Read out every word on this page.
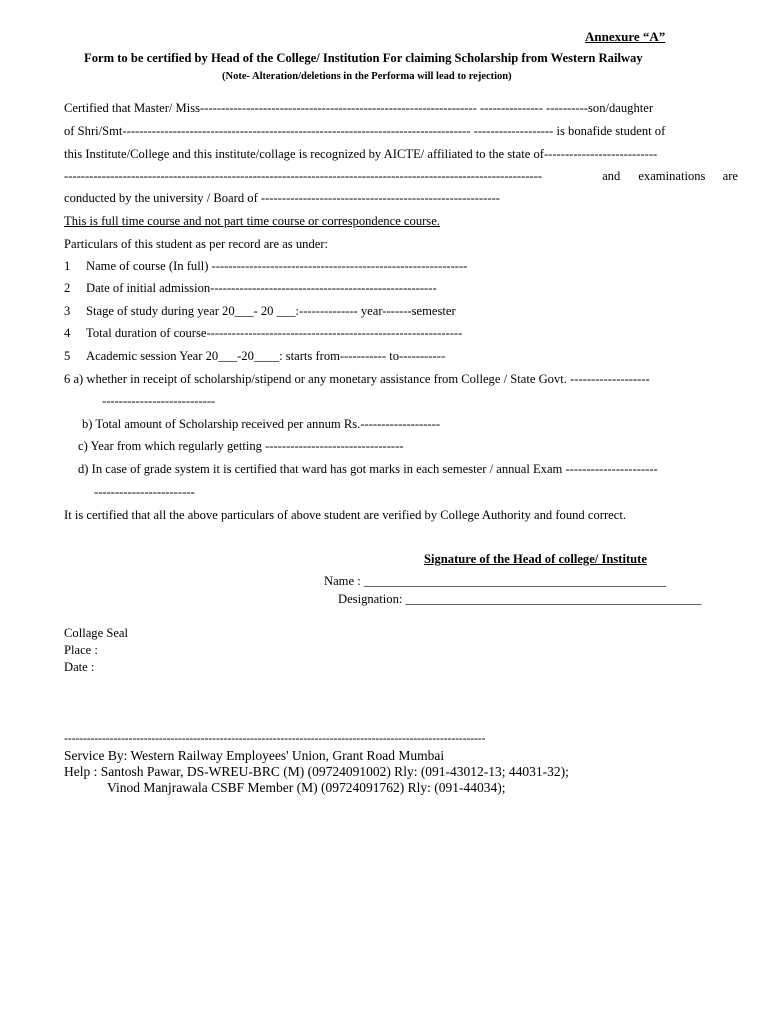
Annexure “A”
Form to be certified by Head of the College/ Institution For claiming Scholarship from Western Railway
(Note- Alteration/deletions in the Performa will lead to rejection)
Certified that Master/ Miss------------------------------------------------------------------ --------------- ----------son/daughter
of Shri/Smt----------------------------------------------------------------------------------- ------------------- is bonafide student of
this Institute/College and this institute/collage is recognized by AICTE/ affiliated to the state of---------------------------
------------------------------------------------------------------------------------------------------------------	and examinations are
conducted by the university / Board of ---------------------------------------------------------
This is full time course and not part time course or correspondence course.
Particulars of this student as per record are as under:
1 Name of course (In full) -------------------------------------------------------------
2 Date of initial admission------------------------------------------------------
3 Stage of study during year 20___- 20 ___:-------------- year-------semester
4 Total duration of course-------------------------------------------------------------
5 Academic session Year 20___-20____: starts from----------- to-----------
6 a) whether in receipt of scholarship/stipend or any monetary assistance from College / State Govt. -------------------
---------------------------
b) Total amount of Scholarship received per annum Rs.-------------------
c) Year from which regularly getting ---------------------------------
d) In case of grade system it is certified that ward has got marks in each semester / annual Exam ----------------------
------------------------
It is certified that all the above particulars of above student are verified by College Authority and found correct.
Signature of the Head of college/ Institute
Name : ________________________________________________
Designation: _______________________________________________
Collage Seal
Place :
Date :
---------------------------------------------------------------------------------------------------------------
Service By: Western Railway Employees' Union, Grant Road Mumbai
Help : Santosh Pawar, DS-WREU-BRC (M) (09724091002) Rly: (091-43012-13; 44031-32);
Vinod Manjrawala CSBF Member (M) (09724091762) Rly: (091-44034);
